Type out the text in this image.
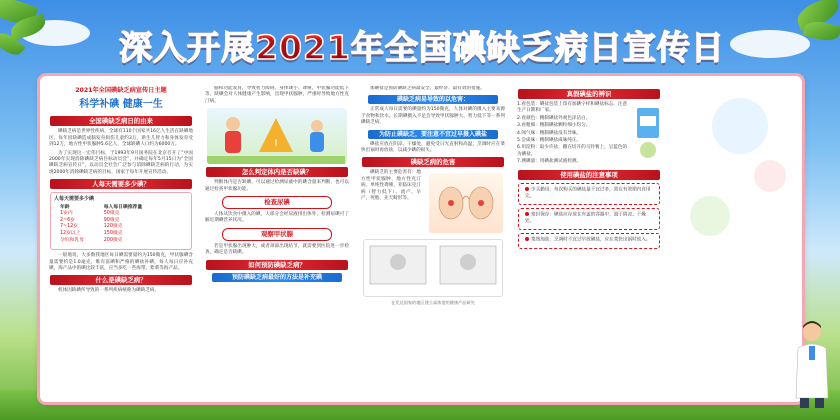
深入开展2021年全国碘缺乏病日宣传日
2021年全国碘缺乏病宣传日主题
科学补碘 健康一生
全国碘缺乏病日的由来

碘缺乏病是世界性疾病，全球有110个国家共16亿人生活在缺碘地区，每年因缺碘造成脑发育损伤儿童约3万，新生儿智力和身体发育受到12万，地方性甲状腺肿5.6亿人，全球缺碘人口约为6000万。

为了实现这一宏伟目标，于1993年9月国务院在北京召开了“中国2000年实现消除碘缺乏病目标动员会”，并确定每年5月15日为“全国碘缺乏病宣传日”，以动员全社会广泛参与消除碘缺乏病的行动，为实现2000年消除碘缺乏病的目标，国家于每年开展宣传活动。

人每天需要多少碘？
人每天需要多少碘
年龄	每人每日碘推荐量
1岁内	50微克
2~6岁	90微克
7~12岁	120微克
12岁以上	150微克
孕妇和乳母	200微克

一般地说，大多数我地区每日碘需要量约为150微克，甲状腺碘含量需要约是1.0毫克，唯有富碘和严格的碘盐补碘，每人每日应补充碘，海产品中的碘比较丰富，应当多吃一些海带、紫菜等海产品。

什么是碘缺乏病？

机体因缺碘所导致的一系列疾病统称为碘缺乏病。

脑和功能发育，导致智力障碍、身体矮小、聋哑、甲状腺功能低下等，缺碘会对人体健康产生影响，出现甲状腺肿，严重时导致地方性克汀病。

I
怎么判定体内是否缺碘？

判断体内是否缺碘，可以通过检测尿液中的碘含量来判断，也可以通过检查甲状腺功能。

检查尿碘

人体从饮食中摄入的碘，大部分会经尿液排出体外，检测尿碘可了解近期碘营养状况。

观察甲状腺

若是甲状腺出现肿大，或者颈部出现结节，就需要到医院进一步检查，确定是否缺碘。

如何预防碘缺乏病？
预防碘缺乏病最好的方法是补充碘

加碘盐是预防碘缺乏病最安全、最经济、最有效的措施。

碘缺乏病易导致的以危害：

正常成人每日需要的碘量约为150微克，人体对碘的摄入主要来源于食物和饮水。长期碘摄入不足会导致甲状腺肿大、智力低下等一系列碘缺乏病。

为防止碘缺乏，要注意不宜过早摄入碘盐

碘盐应放在阴凉、干燥处，避免受日光直射和高温，烹调时应在菜快出锅时再放盐，以减少碘的损失。

碘缺乏病的危害

碘缺乏的主要危害有：地方性甲状腺肿、地方性克汀病、单纯性聋哑、亚临床克汀病（智力低下）、流产、早产、死胎、先天畸形等。

在发达国家的地区建立高浓度的健康产品研究
真假碘盐的辨识

1.看包装：碘盐包装上印有加碘字样和碘盐标志，注意生产日期和厂家。

2.看颜色：精制碘盐外观色泽洁白。

3.看粗细：精制碘盐颗粒细小均匀。

4.闻气味：精制碘盐没有异味。

5.尝咸味：精制碘盐咸味纯正。

6.用淀粉：取少许盐，撒在切开的马铃薯上，呈蓝色的为碘盐。

7.测碘量：用碘盐测试液检测。

使用碘盐的注意事项

少买勤用：每次购买的碘盐量不宜过多，需在有效期内食用完。

密封保存：碘盐应存放在有盖的容器中，置于阴凉、干燥处。

菜熟加盐：烹调时不宜过早放碘盐，应在菜快出锅时放入。
